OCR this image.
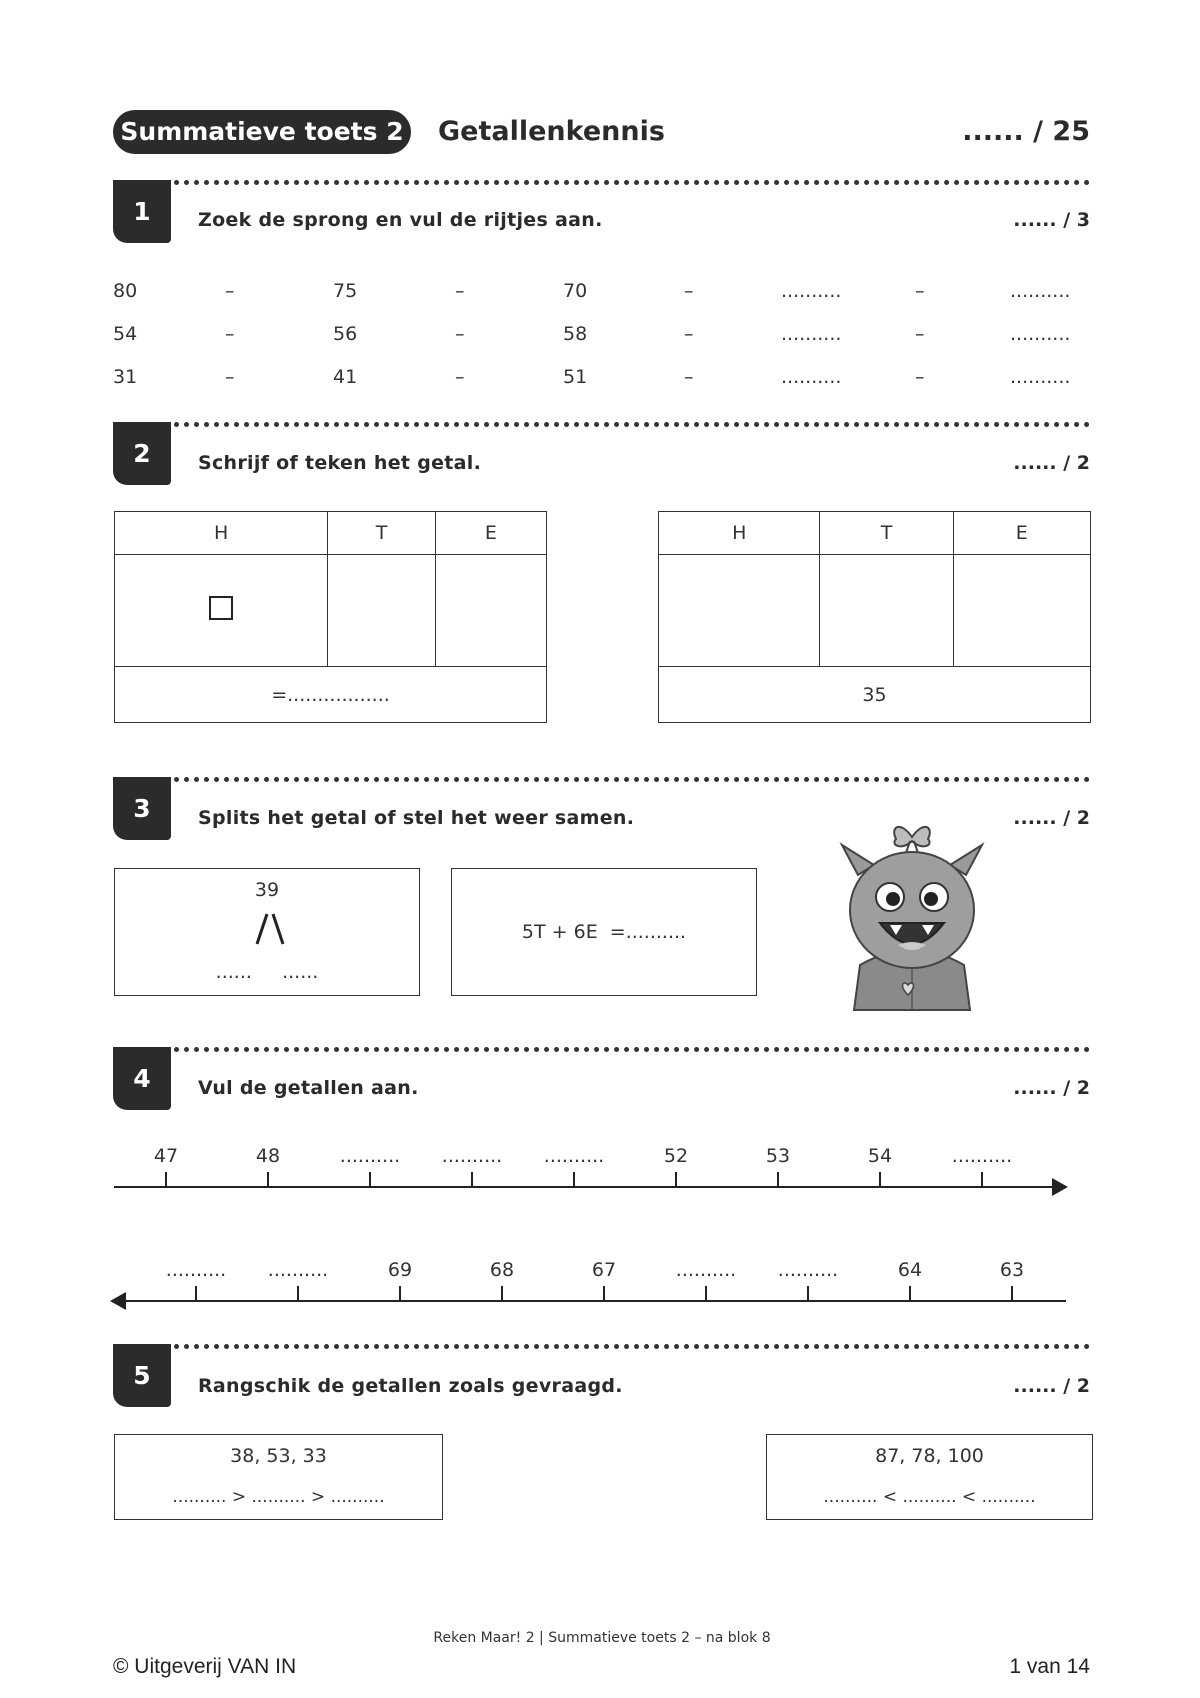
Summatieve toets 2 Getallenkennis	...... / 25
1	Zoek de sprong en vul de rijtjes aan.	...... / 3
80	–	75	–	70	–	..........	–	..........
54	–	56	–	58	–	..........	–	..........
31	–	41	–	51	–	..........	–	..........
2	Schrijf of teken het getal.	...... / 2
H	T	E

=.................		
H	T	E

35		
3	Splits het getal of stel het weer samen.	...... / 2
39
......     ......
5T + 6E  =..........
4	Vul de getallen aan.	...... / 2
47	48	..........	..........	..........	52	53	54	..........
..........	..........	69	68	67	..........	..........	64	63
5	Rangschik de getallen zoals gevraagd.	...... / 2
38, 53, 33
.......... > .......... > ..........
87, 78, 100
.......... < .......... < ..........
Reken Maar! 2 | Summatieve toets 2 – na blok 8
© Uitgeverij VAN IN	1 van 14
